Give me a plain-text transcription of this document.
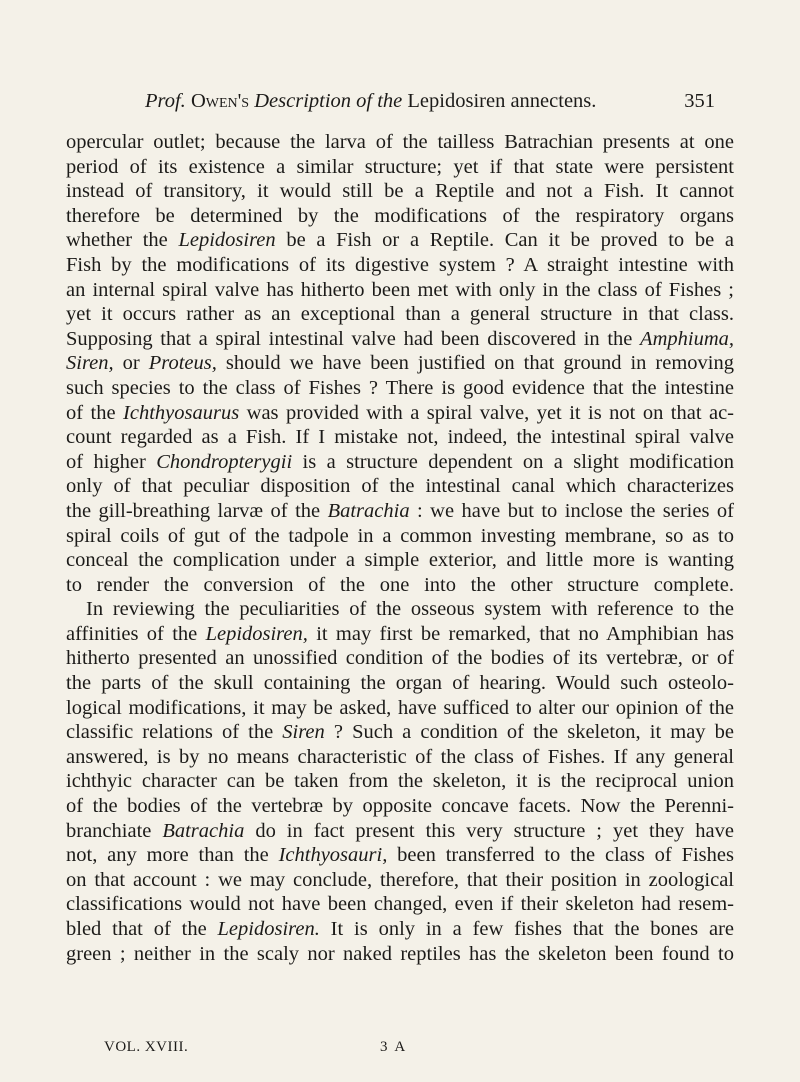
Prof. Owen's Description of the Lepidosiren annectens.	351
opercular outlet; because the larva of the tailless Batrachian presents at one
period of its existence a similar structure; yet if that state were persistent
instead of transitory, it would still be a Reptile and not a Fish. It cannot
therefore be determined by the modifications of the respiratory organs
whether the Lepidosiren be a Fish or a Reptile. Can it be proved to be a
Fish by the modifications of its digestive system ? A straight intestine with
an internal spiral valve has hitherto been met with only in the class of Fishes ;
yet it occurs rather as an exceptional than a general structure in that class.
Supposing that a spiral intestinal valve had been discovered in the Amphiuma,
Siren, or Proteus, should we have been justified on that ground in removing
such species to the class of Fishes ? There is good evidence that the intestine
of the Ichthyosaurus was provided with a spiral valve, yet it is not on that ac-
count regarded as a Fish. If I mistake not, indeed, the intestinal spiral valve
of higher Chondropterygii is a structure dependent on a slight modification
only of that peculiar disposition of the intestinal canal which characterizes
the gill-breathing larvæ of the Batrachia : we have but to inclose the series of
spiral coils of gut of the tadpole in a common investing membrane, so as to
conceal the complication under a simple exterior, and little more is wanting
to render the conversion of the one into the other structure complete.
In reviewing the peculiarities of the osseous system with reference to the
affinities of the Lepidosiren, it may first be remarked, that no Amphibian has
hitherto presented an unossified condition of the bodies of its vertebræ, or of
the parts of the skull containing the organ of hearing. Would such osteolo-
logical modifications, it may be asked, have sufficed to alter our opinion of the
classific relations of the Siren ? Such a condition of the skeleton, it may be
answered, is by no means characteristic of the class of Fishes. If any general
ichthyic character can be taken from the skeleton, it is the reciprocal union
of the bodies of the vertebræ by opposite concave facets. Now the Perenni-
branchiate Batrachia do in fact present this very structure ; yet they have
not, any more than the Ichthyosauri, been transferred to the class of Fishes
on that account : we may conclude, therefore, that their position in zoological
classifications would not have been changed, even if their skeleton had resem-
bled that of the Lepidosiren. It is only in a few fishes that the bones are
green ; neither in the scaly nor naked reptiles has the skeleton been found to
VOL. XVIII.	3 A
